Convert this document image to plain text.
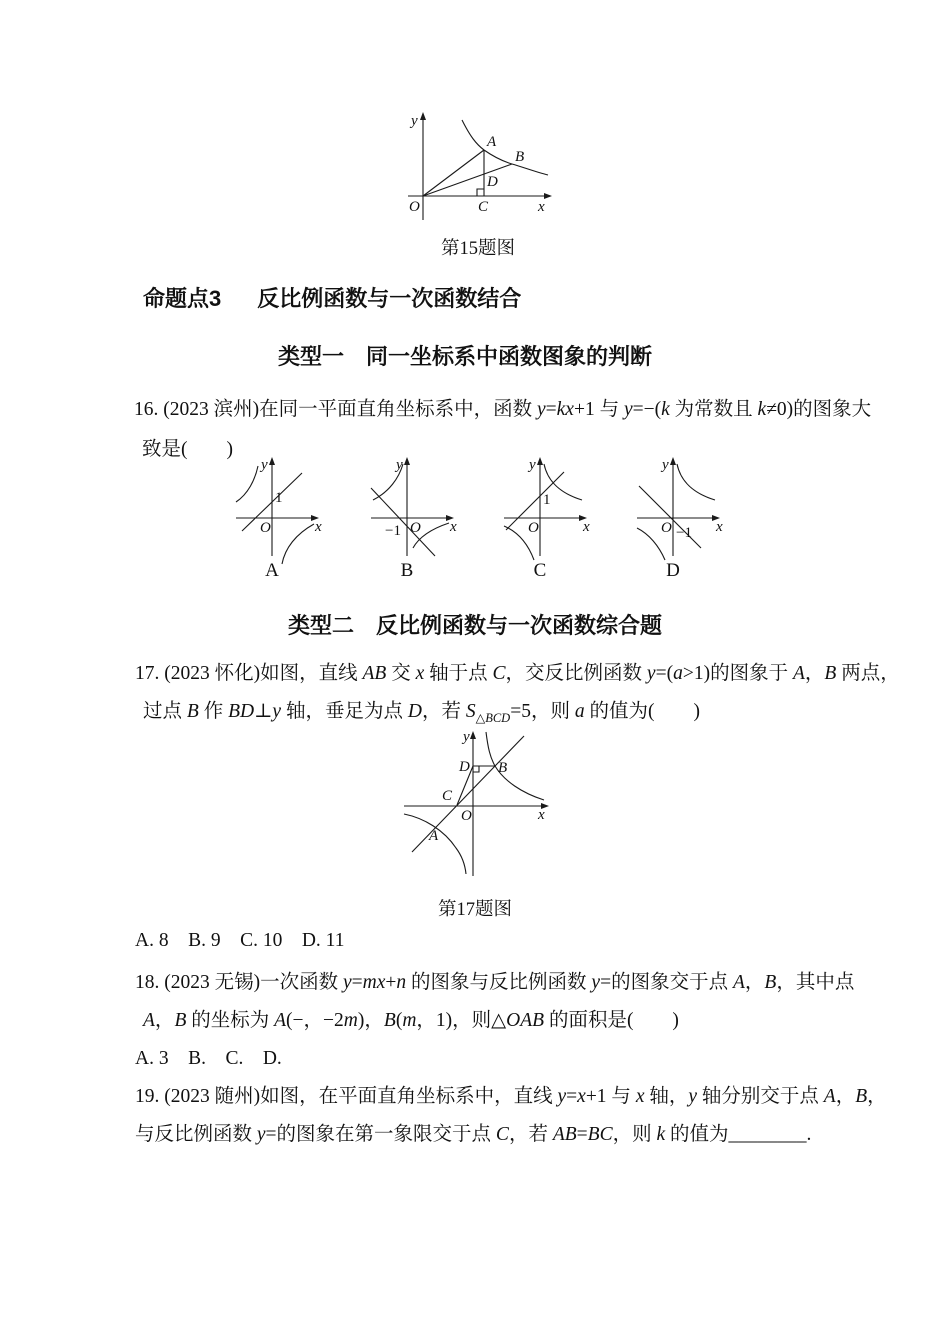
y
x
O
A
B
D
C
第15题图
命题点3 反比例函数与一次函数结合
类型一　同一坐标系中函数图象的判断
16. (2023 滨州)在同一平面直角坐标系中，函数 y=kx+1 与 y=−(k 为常数且 k≠0)的图象大
致是(　　)
y
x
O
1
A
y
x
O
−1
B
y
x
O
1
C
y
x
O −1
D
类型二　反比例函数与一次函数综合题
17. (2023 怀化)如图，直线 AB 交 x 轴于点 C，交反比例函数 y=(a>1)的图象于 A，B 两点，
过点 B 作 BD⊥y 轴，垂足为点 D，若 $S_{\triangle BCD}=5$，则 a 的值为(　　)
y
x
O
D B
C
A
第17题图
A. 8　B. 9　C. 10　D. 11
18. (2023 无锡)一次函数 y=mx+n 的图象与反比例函数 y=的图象交于点 A，B，其中点
A，B 的坐标为 A(−，−2m)，B(m，1)，则△OAB 的面积是(　　)
A. 3　B.　C.　D.
19. (2023 随州)如图，在平面直角坐标系中，直线 y=x+1 与 x 轴，y 轴分别交于点 A，B，
与反比例函数 y=的图象在第一象限交于点 C，若 AB=BC，则 k 的值为________.
